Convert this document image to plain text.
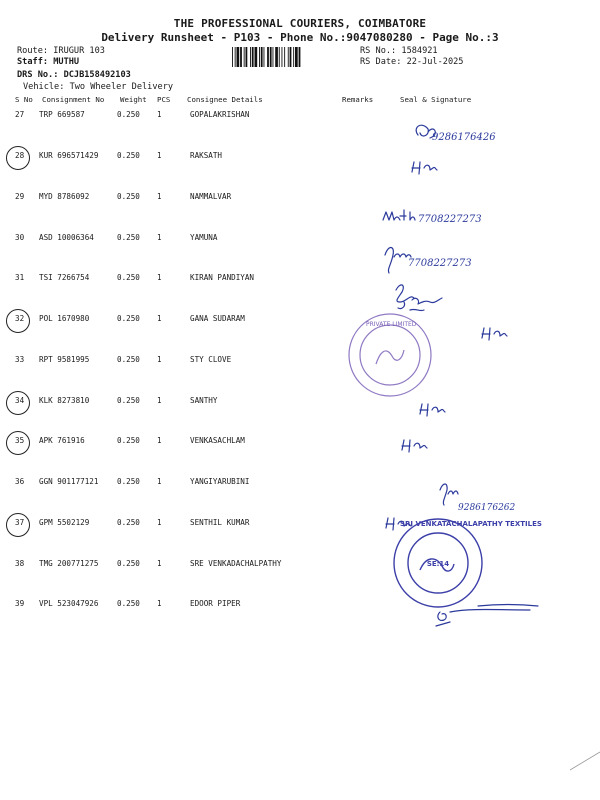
THE PROFESSIONAL COURIERS, COIMBATORE
Delivery Runsheet - P103 - Phone No.:9047080280 - Page No.:3
Route: IRUGUR 103
Staff: MUTHU
DRS No.: DCJB158492103
Vehicle: Two Wheeler Delivery
RS No.: 1584921
RS Date: 22-Jul-2025
S No Consignment No Weight PCS Consignee Details	Remarks	Seal & Signature
27 TRP 669587	0.250 1	GOPALAKRISHAN
28 KUR 696571429 0.250 1	RAKSATH
29 MYD 8786092	0.250 1	NAMMALVAR
30 ASD 10006364	0.250 1	YAMUNA
31 TSI 7266754	0.250 1	KIRAN PANDIYAN
32 POL 1670980	0.250 1	GANA SUDARAM
33 RPT 9581995	0.250 1	STY CLOVE
34 KLK 8273810	0.250 1	SANTHY
35 APK 761916	0.250 1	VENKASACHLAM
36 GGN 901177121 0.250 1	YANGIYARUBINI
37 GPM 5502129	0.250 1	SENTHIL KUMAR
38 TMG 200771275 0.250 1	SRE VENKADACHALPATHY
39 VPL 523047926 0.250 1	EDOOR PIPER
9286176426
7708227273
7708227273
9286176262
PRIVATE LIMITED
SE:14
SRI VENKATACHALAPATHY TEXTILES
